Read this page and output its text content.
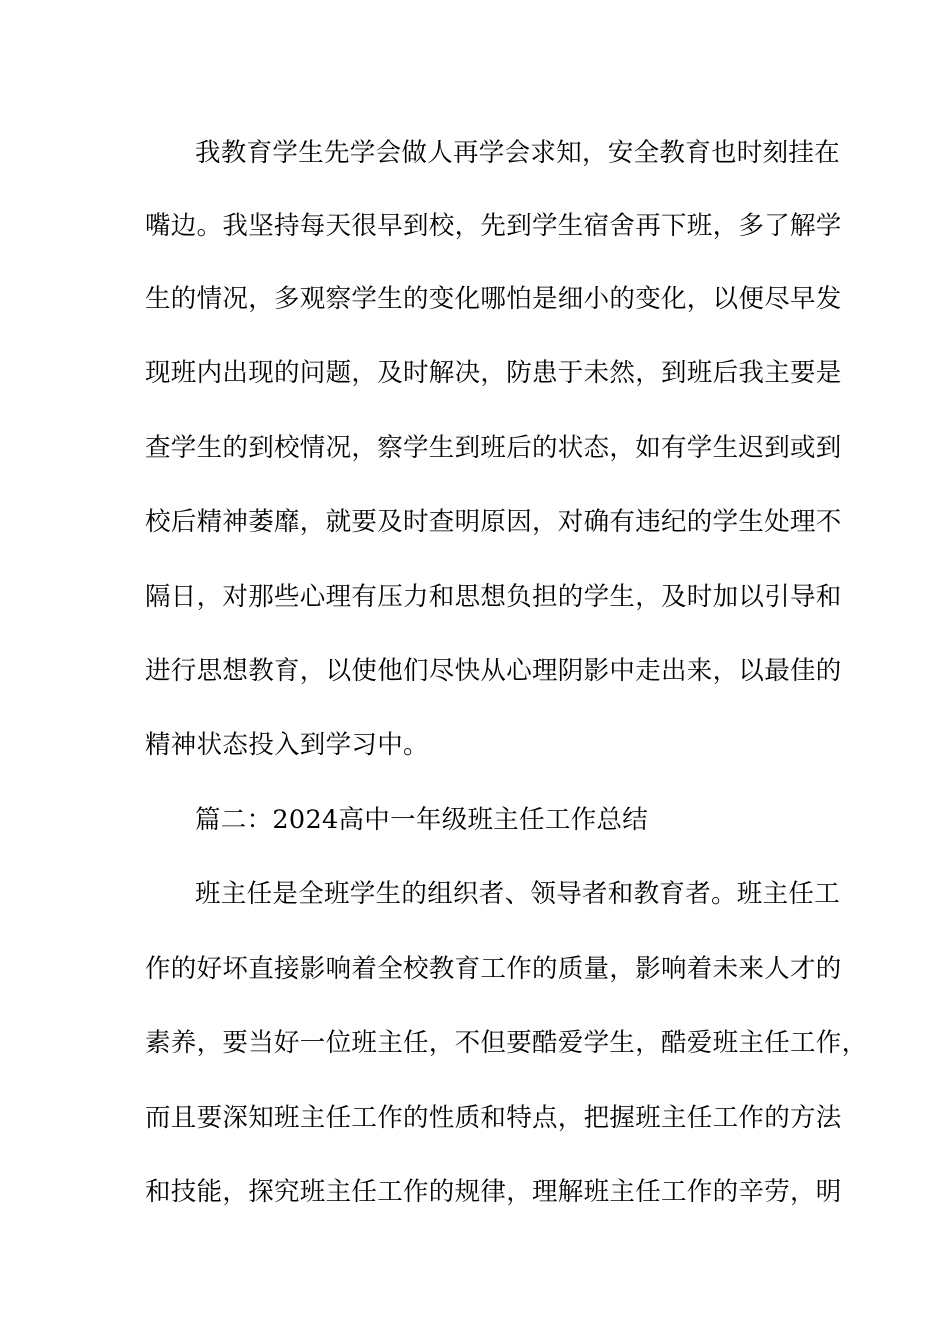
我教育学生先学会做人再学会求知，安全教育也时刻挂在
嘴边。我坚持每天很早到校，先到学生宿舍再下班，多了解学
生的情况，多观察学生的变化哪怕是细小的变化，以便尽早发
现班内出现的问题，及时解决，防患于未然，到班后我主要是
查学生的到校情况，察学生到班后的状态，如有学生迟到或到
校后精神萎靡，就要及时查明原因，对确有违纪的学生处理不
隔日，对那些心理有压力和思想负担的学生，及时加以引导和
进行思想教育，以使他们尽快从心理阴影中走出来，以最佳的
精神状态投入到学习中。
篇二：2024高中一年级班主任工作总结
班主任是全班学生的组织者、领导者和教育者。班主任工
作的好坏直接影响着全校教育工作的质量，影响着未来人才的
素养，要当好一位班主任，不但要酷爱学生，酷爱班主任工作，
而且要深知班主任工作的性质和特点，把握班主任工作的方法
和技能，探究班主任工作的规律，理解班主任工作的辛劳，明
